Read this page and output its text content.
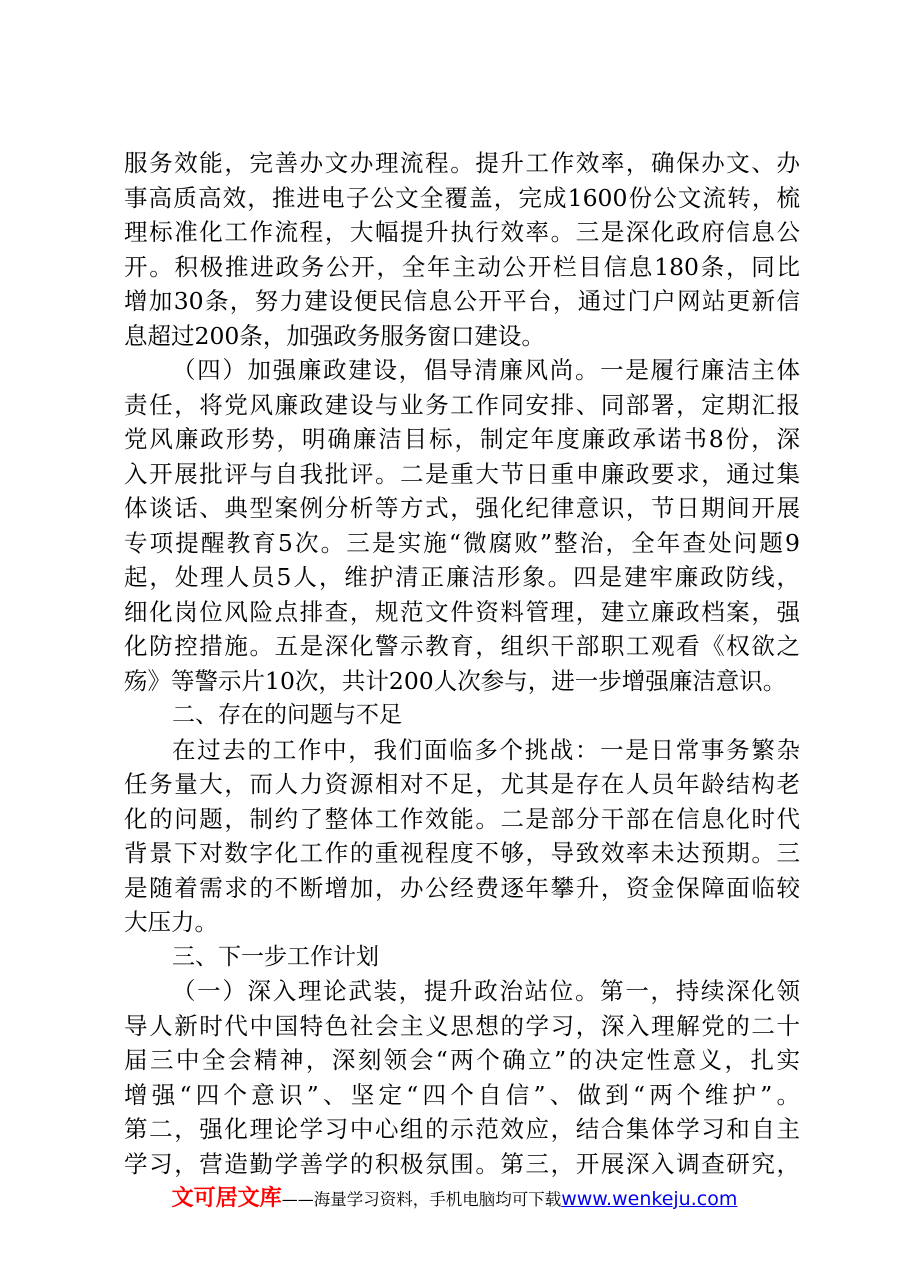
服务效能，完善办文办理流程。提升工作效率，确保办文、办
事高质高效，推进电子公文全覆盖，完成1600份公文流转，梳
理标准化工作流程，大幅提升执行效率。三是深化政府信息公
开。积极推进政务公开，全年主动公开栏目信息180条，同比
增加30条，努力建设便民信息公开平台，通过门户网站更新信
息超过200条，加强政务服务窗口建设。
（四）加强廉政建设，倡导清廉风尚。一是履行廉洁主体
责任，将党风廉政建设与业务工作同安排、同部署，定期汇报
党风廉政形势，明确廉洁目标，制定年度廉政承诺书8份，深
入开展批评与自我批评。二是重大节日重申廉政要求，通过集
体谈话、典型案例分析等方式，强化纪律意识，节日期间开展
专项提醒教育5次。三是实施“微腐败”整治，全年查处问题9
起，处理人员5人，维护清正廉洁形象。四是建牢廉政防线，
细化岗位风险点排查，规范文件资料管理，建立廉政档案，强
化防控措施。五是深化警示教育，组织干部职工观看《权欲之
殇》等警示片10次，共计200人次参与，进一步增强廉洁意识。
二、存在的问题与不足
在过去的工作中，我们面临多个挑战：一是日常事务繁杂
任务量大，而人力资源相对不足，尤其是存在人员年龄结构老
化的问题，制约了整体工作效能。二是部分干部在信息化时代
背景下对数字化工作的重视程度不够，导致效率未达预期。三
是随着需求的不断增加，办公经费逐年攀升，资金保障面临较
大压力。
三、下一步工作计划
（一）深入理论武装，提升政治站位。第一，持续深化领
导人新时代中国特色社会主义思想的学习，深入理解党的二十
届三中全会精神，深刻领会“两个确立”的决定性意义，扎实
增强“四个意识”、坚定“四个自信”、做到“两个维护”。
第二，强化理论学习中心组的示范效应，结合集体学习和自主
学习，营造勤学善学的积极氛围。第三，开展深入调查研究，
文可居文库——海量学习资料，手机电脑均可下载www.wenkeju.com
